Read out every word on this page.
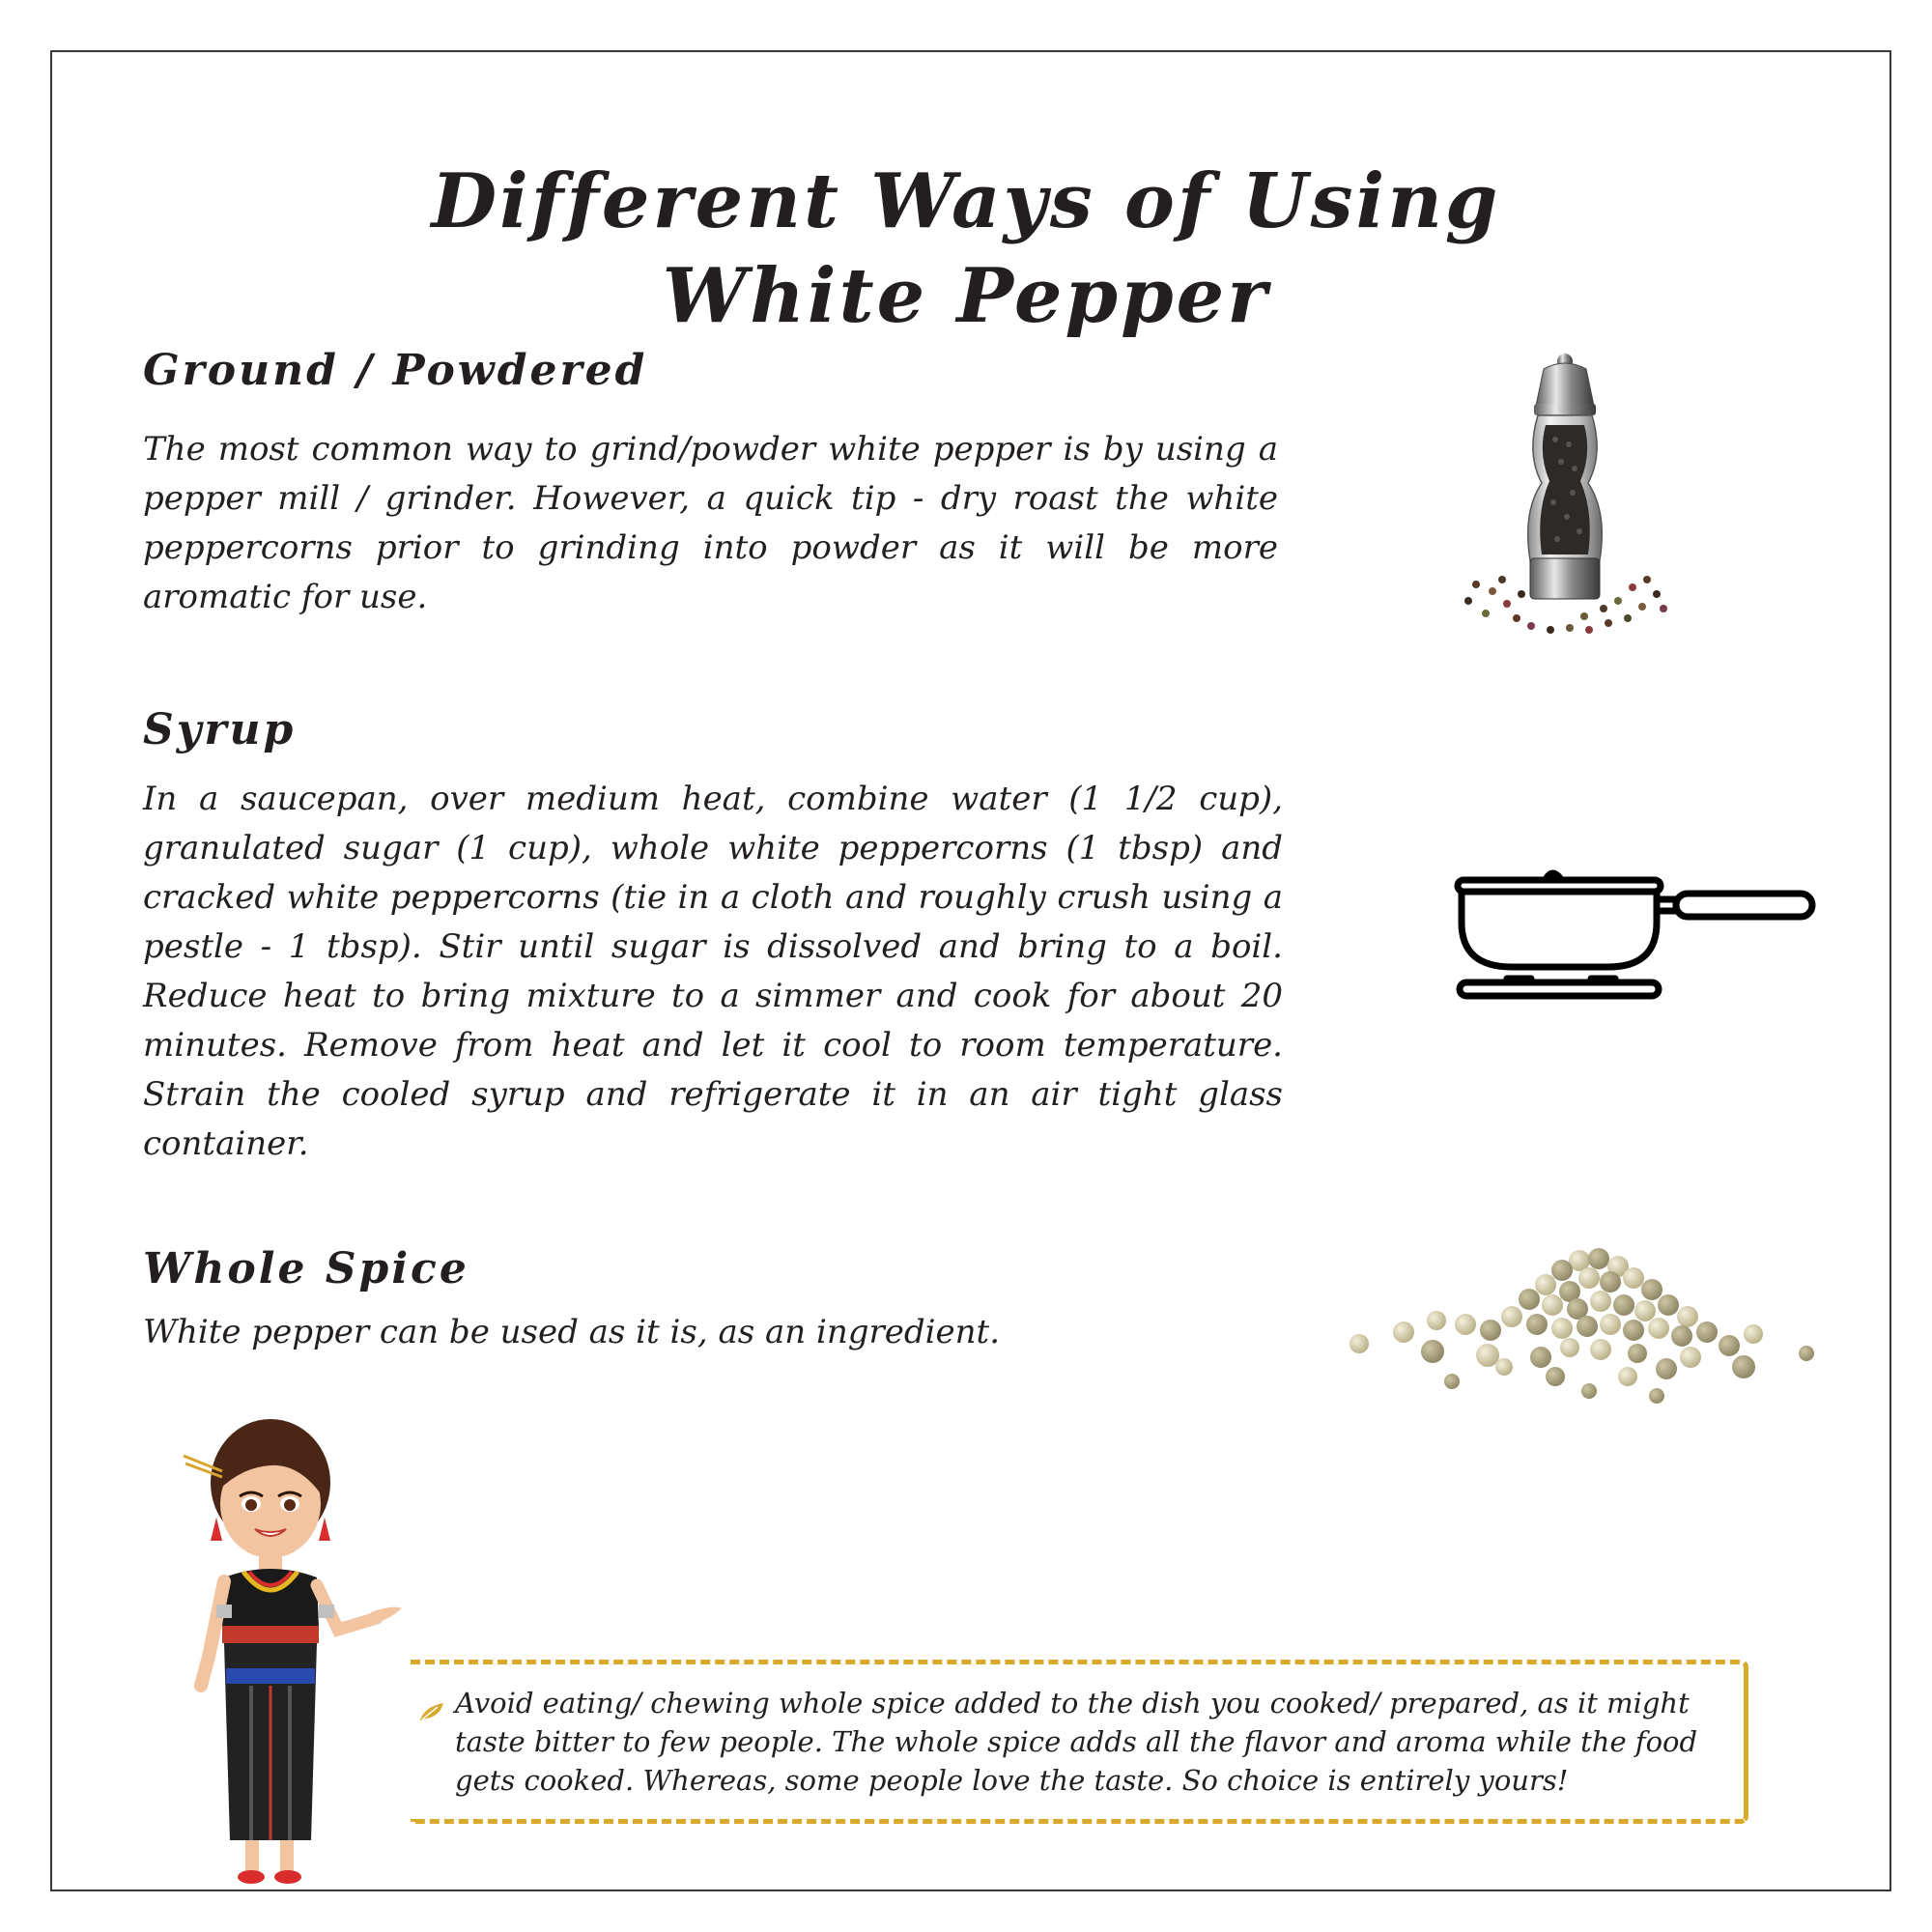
Different Ways of Using
White Pepper
Ground / Powdered

The most common way to grind/powder white pepper is by using a pepper mill / grinder. However, a quick tip - dry roast the white peppercorns prior to grinding into powder as it will be more aromatic for use.

Syrup

In a saucepan, over medium heat, combine water (1 1/2 cup), granulated sugar (1 cup), whole white peppercorns (1 tbsp) and cracked white peppercorns (tie in a cloth and roughly crush using a pestle - 1 tbsp). Stir until sugar is dissolved and bring to a boil. Reduce heat to bring mixture to a simmer and cook for about 20 minutes. Remove from heat and let it cool to room temperature. Strain the cooled syrup and refrigerate it in an air tight glass container.

Whole Spice

White pepper can be used as it is, as an ingredient.

Avoid eating/ chewing whole spice added to the dish you cooked/ prepared, as it might taste bitter to few people. The whole spice adds all the flavor and aroma while the food gets cooked. Whereas, some people love the taste. So choice is entirely yours!
